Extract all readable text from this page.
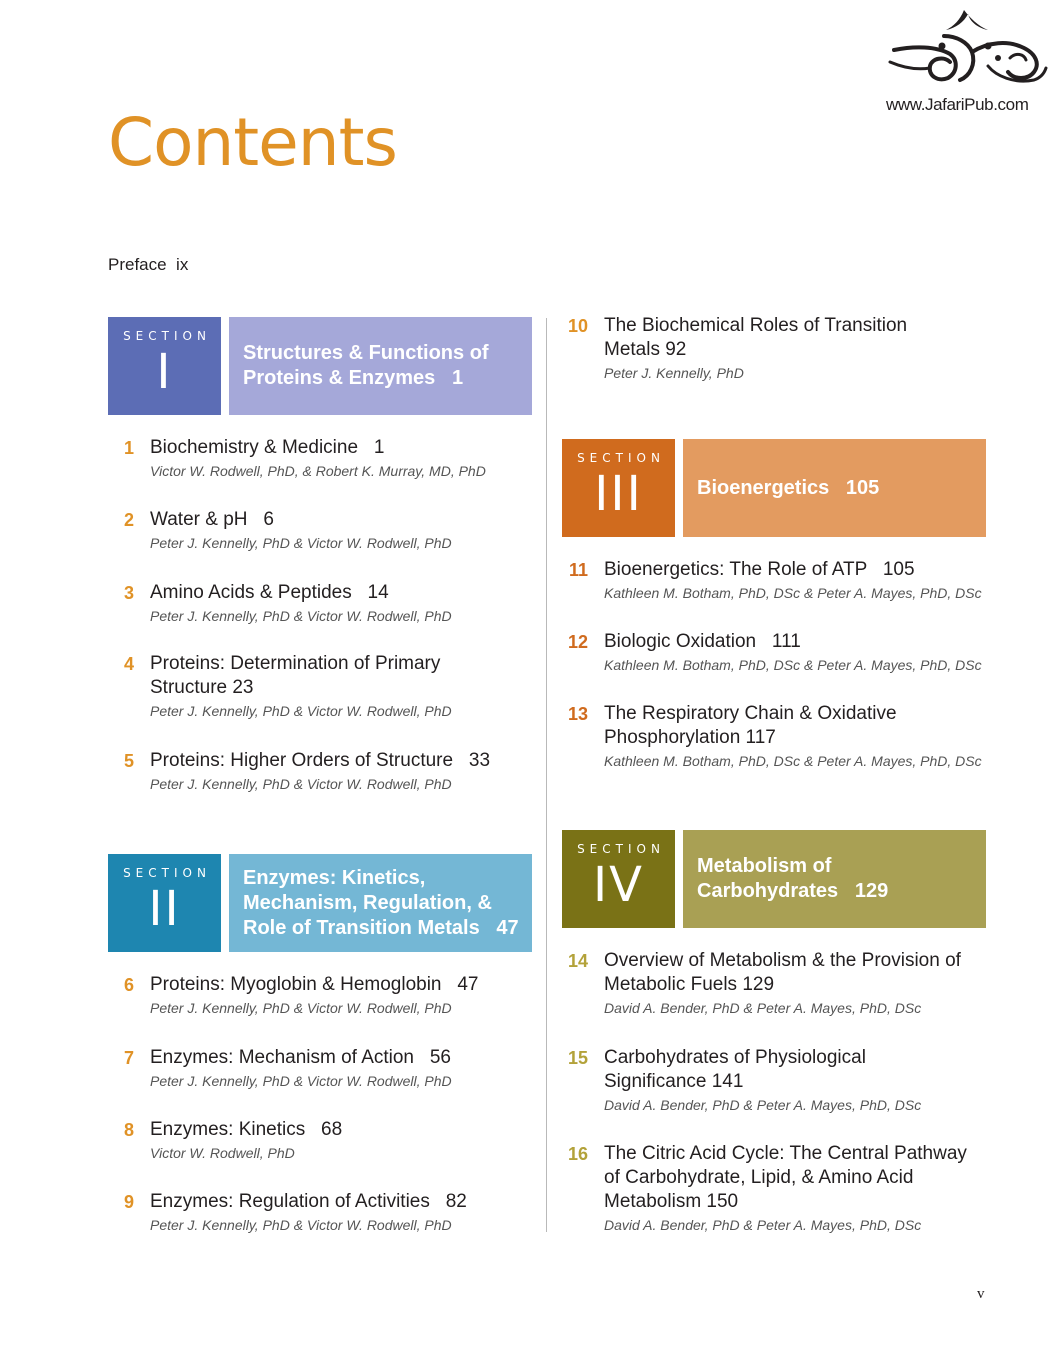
www.JafariPub.com
Contents
Preface ix
SECTION
I	Structures & Functions of
Proteins & Enzymes   1
SECTION
II
Enzymes: Kinetics,
Mechanism, Regulation, &
Role of Transition Metals   47
SECTION
III	Bioenergetics   105
SECTION
IV	Metabolism of
Carbohydrates   129
1 Biochemistry & Medicine   1
Victor W. Rodwell, PhD, & Robert K. Murray, MD, PhD
2 Water & pH   6
Peter J. Kennelly, PhD & Victor W. Rodwell, PhD
3 Amino Acids & Peptides   14
Peter J. Kennelly, PhD & Victor W. Rodwell, PhD
4 Proteins: Determination of Primary Structure 23
Peter J. Kennelly, PhD & Victor W. Rodwell, PhD
5 Proteins: Higher Orders of Structure   33
Peter J. Kennelly, PhD & Victor W. Rodwell, PhD
6 Proteins: Myoglobin & Hemoglobin   47
Peter J. Kennelly, PhD & Victor W. Rodwell, PhD
7 Enzymes: Mechanism of Action   56
Peter J. Kennelly, PhD & Victor W. Rodwell, PhD
8 Enzymes: Kinetics   68
Victor W. Rodwell, PhD
9 Enzymes: Regulation of Activities   82
Peter J. Kennelly, PhD & Victor W. Rodwell, PhD
10 The Biochemical Roles of Transition Metals 92
Peter J. Kennelly, PhD
11 Bioenergetics: The Role of ATP   105
Kathleen M. Botham, PhD, DSc & Peter A. Mayes, PhD, DSc
12 Biologic Oxidation   111
Kathleen M. Botham, PhD, DSc & Peter A. Mayes, PhD, DSc
13 The Respiratory Chain & Oxidative Phosphorylation 117
Kathleen M. Botham, PhD, DSc & Peter A. Mayes, PhD, DSc
14 Overview of Metabolism & the Provision of Metabolic Fuels 129
David A. Bender, PhD & Peter A. Mayes, PhD, DSc
15 Carbohydrates of Physiological Significance 141
David A. Bender, PhD & Peter A. Mayes, PhD, DSc
16 The Citric Acid Cycle: The Central Pathway of Carbohydrate, Lipid, & Amino Acid Metabolism 150
David A. Bender, PhD & Peter A. Mayes, PhD, DSc
v
